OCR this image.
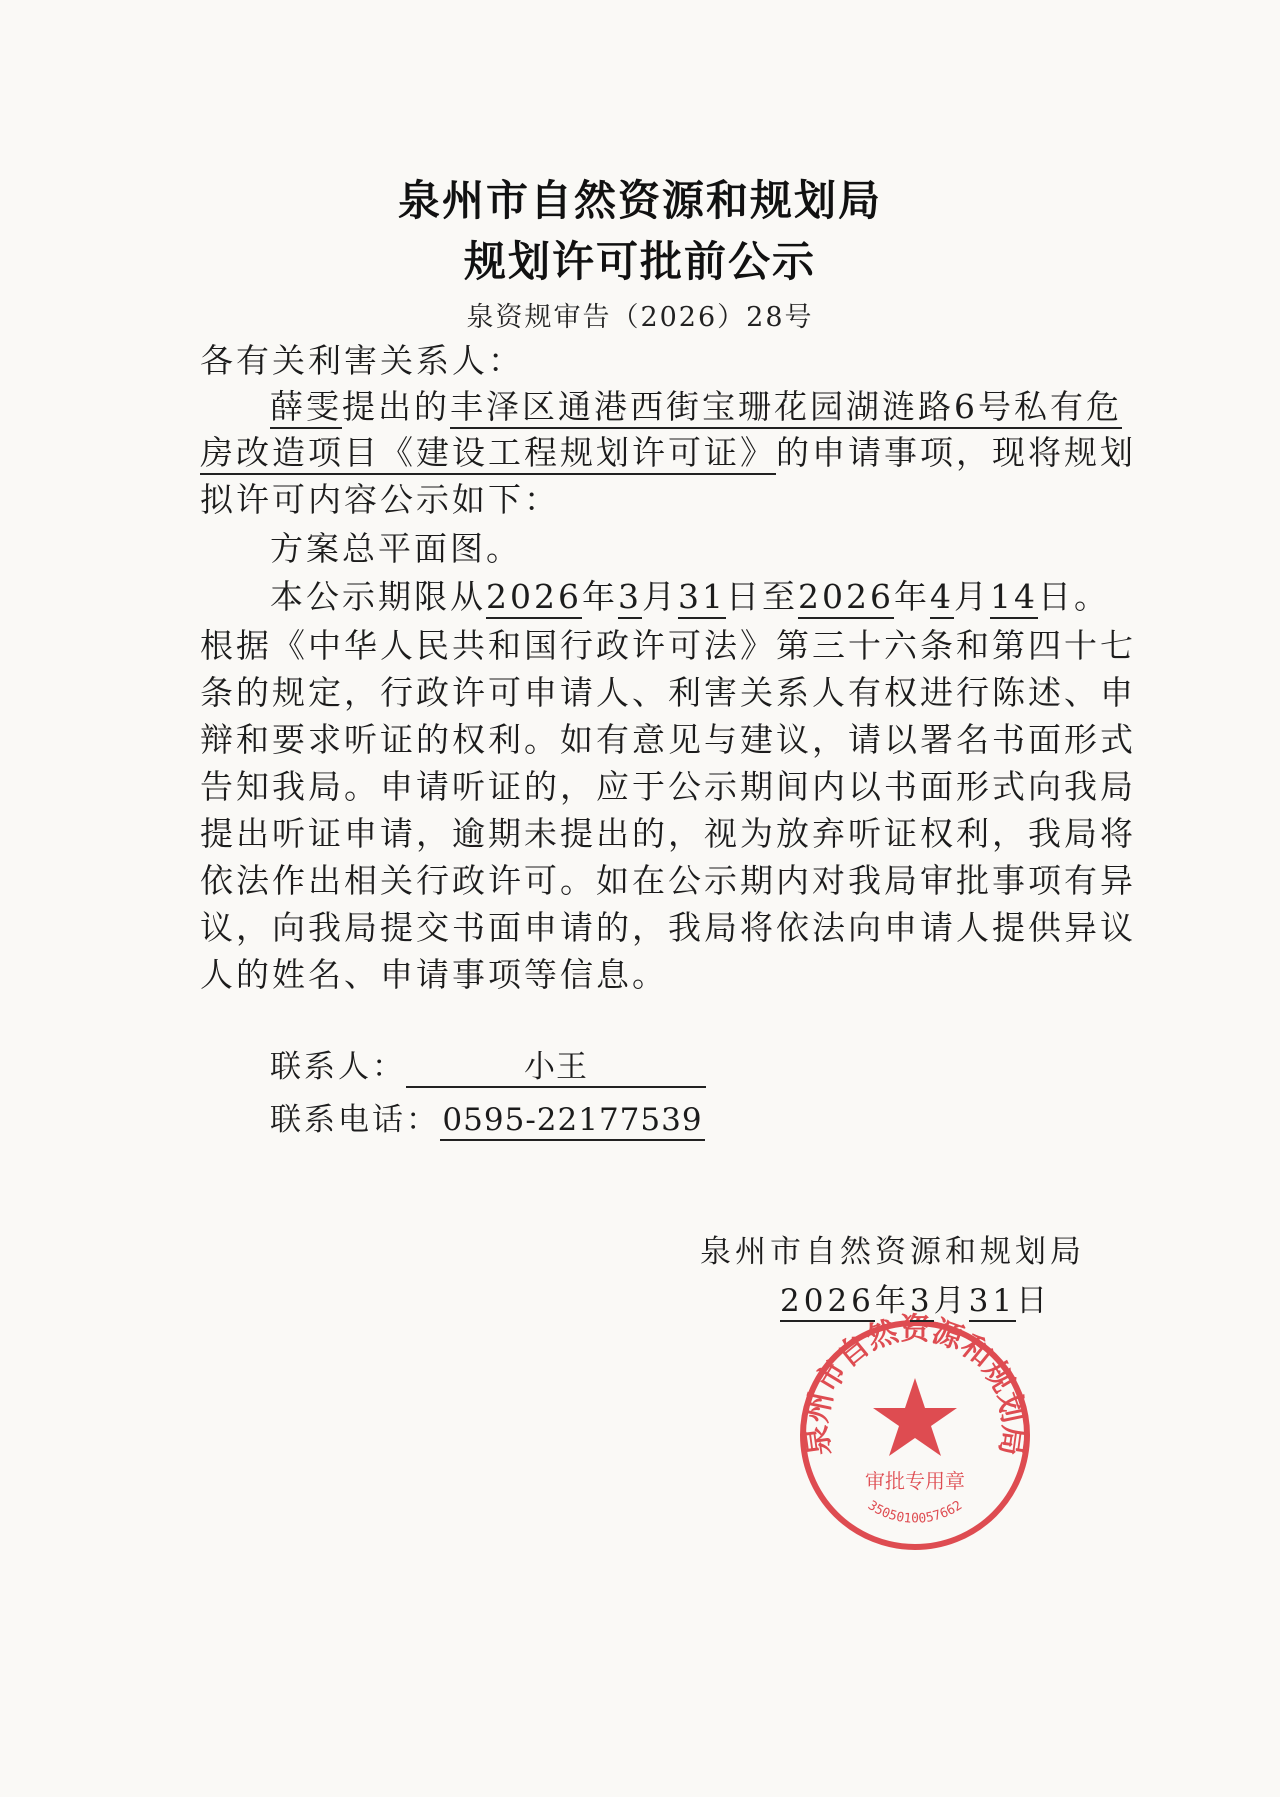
泉州市自然资源和规划局
规划许可批前公示
泉资规审告（2026）28号
各有关利害关系人：
薛雯提出的丰泽区通港西街宝珊花园湖涟路6号私有危
房改造项目《建设工程规划许可证》的申请事项，现将规划
拟许可内容公示如下：
方案总平面图。
本公示期限从2026年3月31日至2026年4月14日。
根据《中华人民共和国行政许可法》第三十六条和第四十七
条的规定，行政许可申请人、利害关系人有权进行陈述、申
辩和要求听证的权利。如有意见与建议，请以署名书面形式
告知我局。申请听证的，应于公示期间内以书面形式向我局
提出听证申请，逾期未提出的，视为放弃听证权利，我局将
依法作出相关行政许可。如在公示期内对我局审批事项有异
议，向我局提交书面申请的，我局将依法向申请人提供异议
人的姓名、申请事项等信息。
联系人：	小王
联系电话：0595-22177539
泉州市自然资源和规划局
审批专用章
3505010057662
泉州市自然资源和规划局
2026年3月31日
